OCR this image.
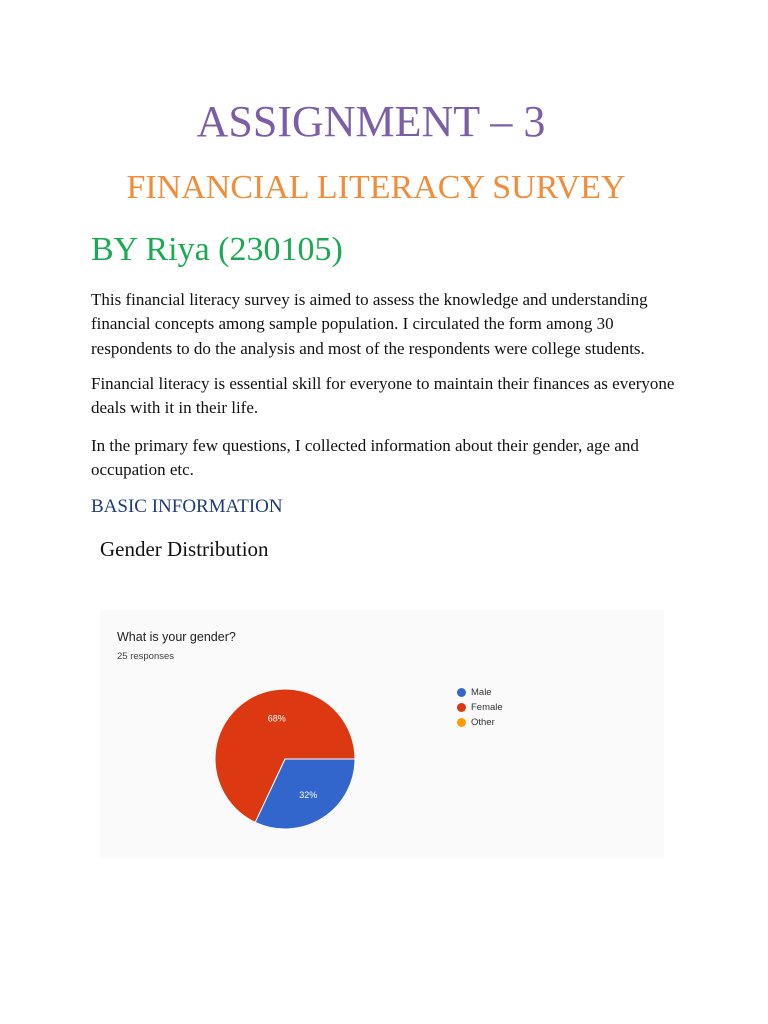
ASSIGNMENT – 3
FINANCIAL LITERACY SURVEY
BY Riya (230105)

This financial literacy survey is aimed to assess the knowledge and understanding financial concepts among sample population. I circulated the form among 30 respondents to do the analysis and most of the respondents were college students.

Financial literacy is essential skill for everyone to maintain their finances as everyone deals with it in their life.

In the primary few questions, I collected information about their gender, age and occupation etc.

BASIC INFORMATION
Gender Distribution

What is your gender?

25 responses

32%
68%
Male
Female
Other
